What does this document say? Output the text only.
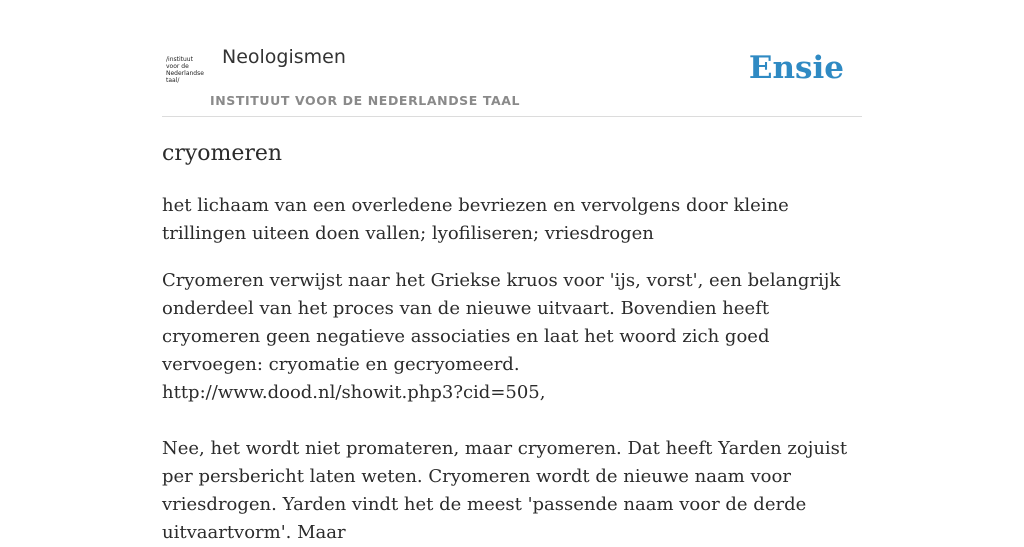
/instituut
voor de
Nederlandse
taal/
Neologismen
INSTITUUT VOOR DE NEDERLANDSE TAAL
Ensie
cryomeren

het lichaam van een overledene bevriezen en vervolgens door kleine trillingen uiteen doen vallen; lyofiliseren; vriesdrogen

Cryomeren verwijst naar het Griekse kruos voor 'ijs, vorst', een belangrijk onderdeel van het proces van de nieuwe uitvaart. Bovendien heeft cryomeren geen negatieve associaties en laat het woord zich goed vervoegen: cryomatie en gecryomeerd.

http://www.dood.nl/showit.php3?cid=505,

Nee, het wordt niet promateren, maar cryomeren. Dat heeft Yarden zojuist per persbericht laten weten. Cryomeren wordt de nieuwe naam voor vriesdrogen. Yarden vindt het de meest 'passende naam voor de derde uitvaartvorm'. Maar
